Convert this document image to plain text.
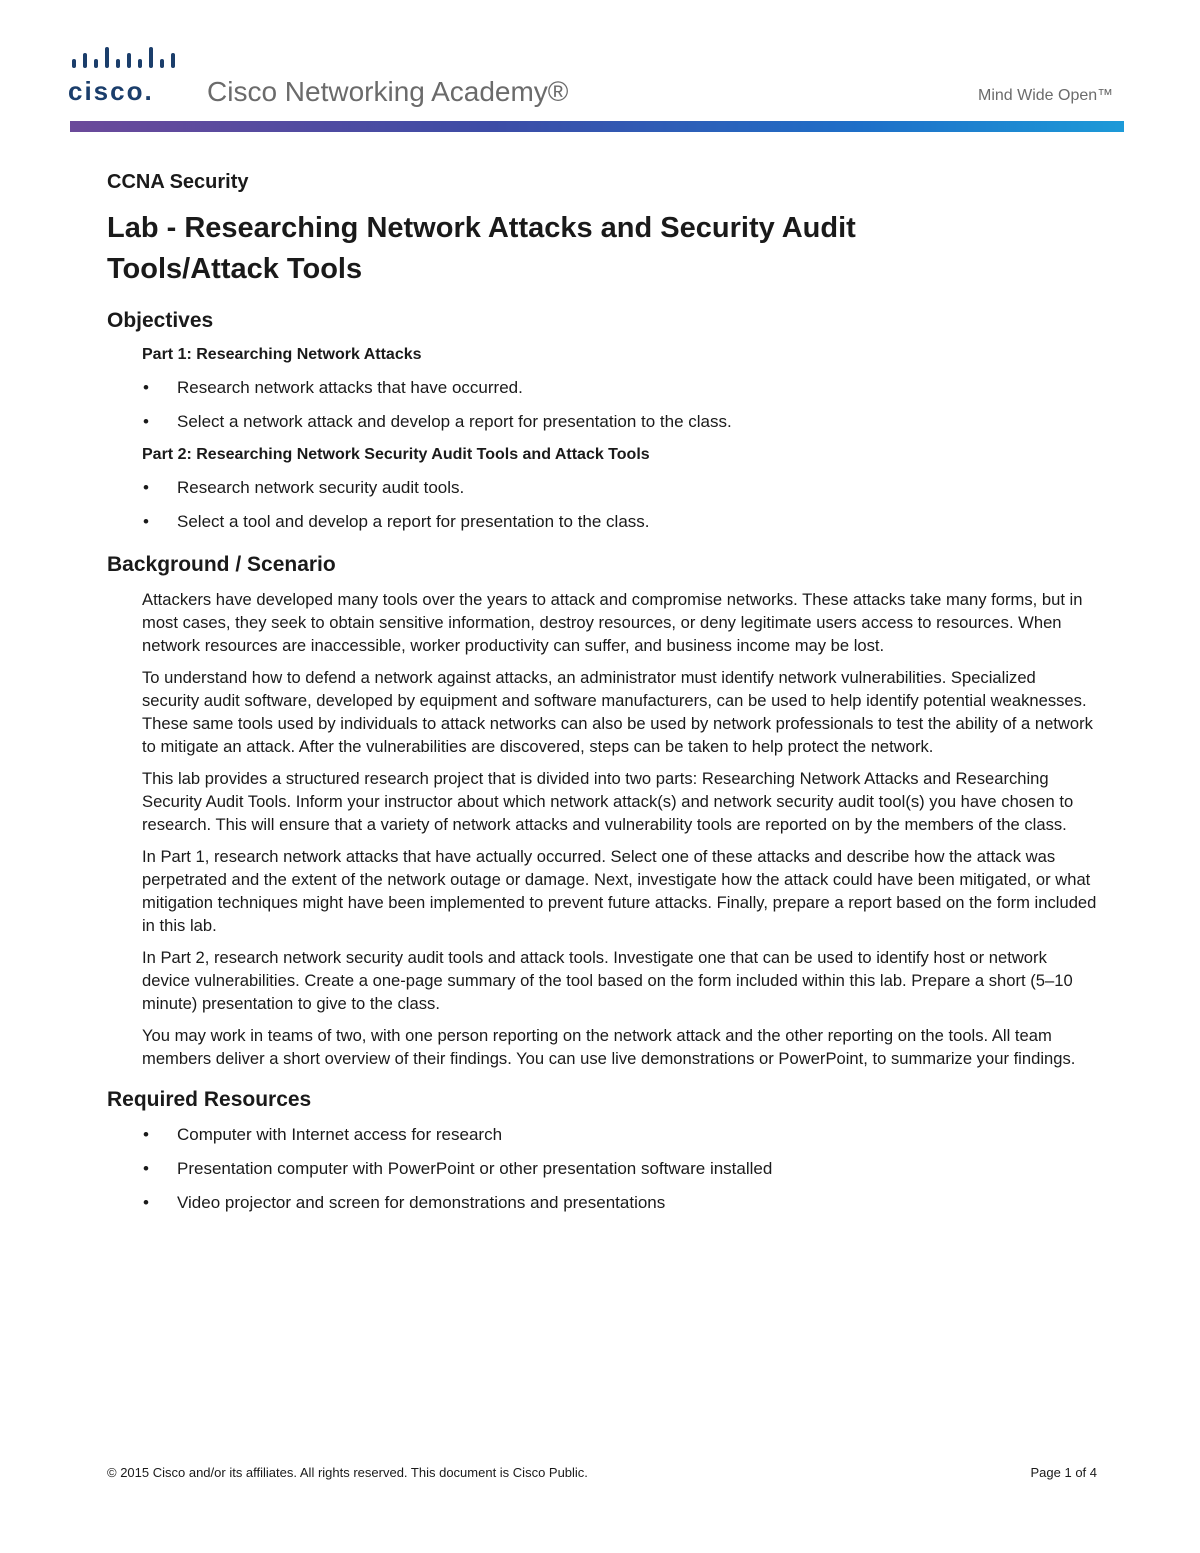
cisco. Cisco Networking Academy®	Mind Wide Open™
CCNA Security
Lab - Researching Network Attacks and Security Audit Tools/Attack Tools
Objectives
Part 1: Researching Network Attacks
• Research network attacks that have occurred.
• Select a network attack and develop a report for presentation to the class.
Part 2: Researching Network Security Audit Tools and Attack Tools
• Research network security audit tools.
• Select a tool and develop a report for presentation to the class.
Background / Scenario

Attackers have developed many tools over the years to attack and compromise networks. These attacks take many forms, but in most cases, they seek to obtain sensitive information, destroy resources, or deny legitimate users access to resources. When network resources are inaccessible, worker productivity can suffer, and business income may be lost.

To understand how to defend a network against attacks, an administrator must identify network vulnerabilities. Specialized security audit software, developed by equipment and software manufacturers, can be used to help identify potential weaknesses. These same tools used by individuals to attack networks can also be used by network professionals to test the ability of a network to mitigate an attack. After the vulnerabilities are discovered, steps can be taken to help protect the network.

This lab provides a structured research project that is divided into two parts: Researching Network Attacks and Researching Security Audit Tools. Inform your instructor about which network attack(s) and network security audit tool(s) you have chosen to research. This will ensure that a variety of network attacks and vulnerability tools are reported on by the members of the class.

In Part 1, research network attacks that have actually occurred. Select one of these attacks and describe how the attack was perpetrated and the extent of the network outage or damage. Next, investigate how the attack could have been mitigated, or what mitigation techniques might have been implemented to prevent future attacks. Finally, prepare a report based on the form included in this lab.

In Part 2, research network security audit tools and attack tools. Investigate one that can be used to identify host or network device vulnerabilities. Create a one-page summary of the tool based on the form included within this lab. Prepare a short (5–10 minute) presentation to give to the class.

You may work in teams of two, with one person reporting on the network attack and the other reporting on the tools. All team members deliver a short overview of their findings. You can use live demonstrations or PowerPoint, to summarize your findings.

Required Resources
• Computer with Internet access for research
• Presentation computer with PowerPoint or other presentation software installed
• Video projector and screen for demonstrations and presentations
© 2015 Cisco and/or its affiliates. All rights reserved. This document is Cisco Public.	Page 1 of 4
